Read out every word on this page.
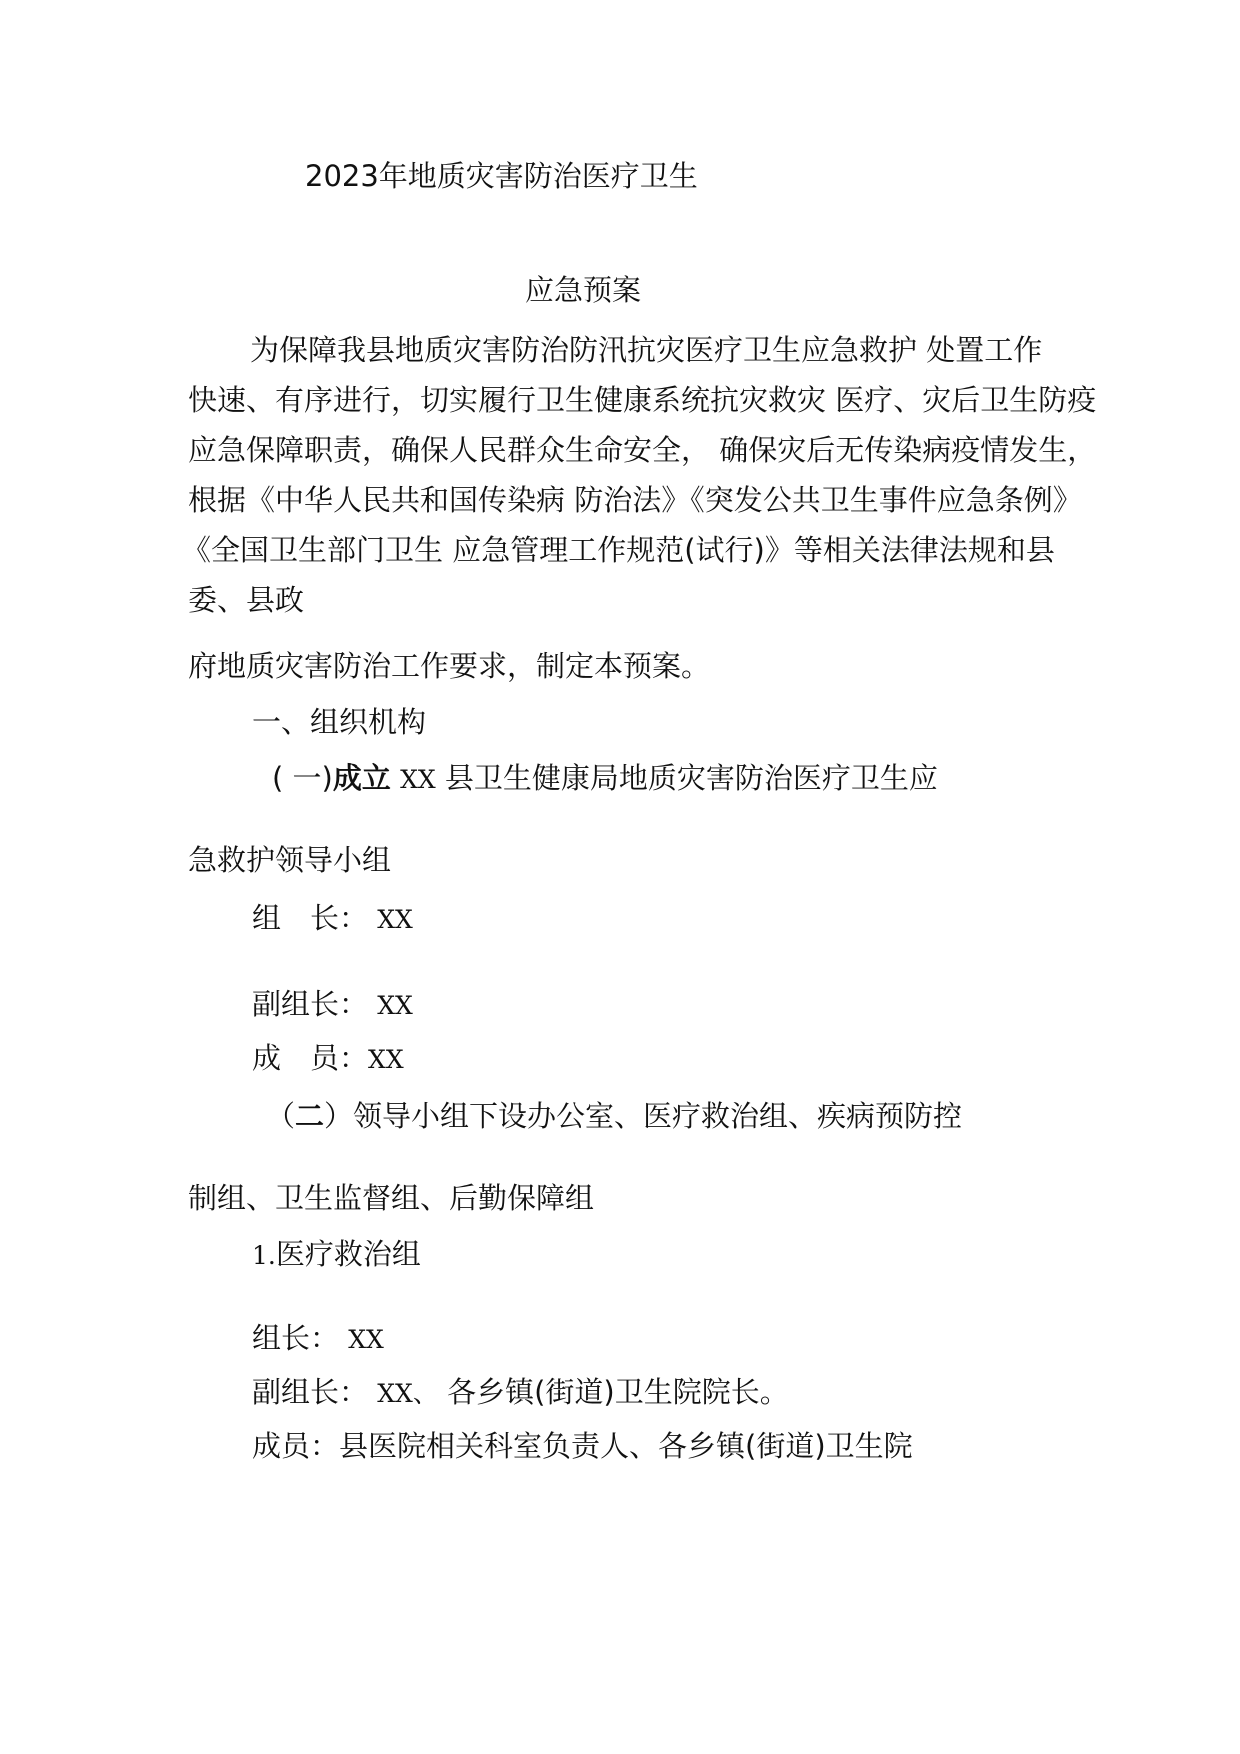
2023年地质灾害防治医疗卫生
应急预案
为保障我县地质灾害防治防汛抗灾医疗卫生应急救护 处置工作
快速、有序进行，切实履行卫生健康系统抗灾救灾 医疗、灾后卫生防疫
应急保障职责，确保人民群众生命安全， 确保灾后无传染病疫情发生，
根据《中华人民共和国传染病 防治法》《突发公共卫生事件应急条例》
《全国卫生部门卫生 应急管理工作规范(试行)》等相关法律法规和县
委、县政
府地质灾害防治工作要求，制定本预案。
一、组织机构
( 一)成立 XX 县卫生健康局地质灾害防治医疗卫生应
急救护领导小组
组　长： XX
副组长： XX
成　员：XX
（二）领导小组下设办公室、医疗救治组、疾病预防控
制组、卫生监督组、后勤保障组
1.医疗救治组
组长： XX
副组长： XX、 各乡镇(街道)卫生院院长。
成员：县医院相关科室负责人、各乡镇(街道)卫生院
